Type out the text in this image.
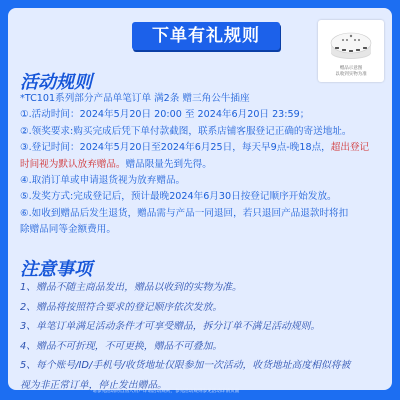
下单有礼规则
赠品示意图
以收到实物为准
活动规则
*TC101系列部分产品单笔订单 满2条 赠三角公牛插座
①.活动时间：2024年5月20日 20:00 至 2024年6月20日 23:59；
②.领奖要求:购买完成后凭下单付款截图，联系店铺客服登记正确的寄送地址。
③.登记时间：2024年5月20日至2024年6月25日，每天早9点-晚18点，超出登记
时间视为默认放弃赠品。赠品限量先到先得。
④.取消订单或申请退货视为放弃赠品。
⑤.发奖方式:完成登记后，预计最晚2024年6月30日按登记顺序开始发放。
⑥.如收到赠品后发生退货，赠品需与产品一同退回，若只退回产品退款时将扣
除赠品同等金额费用。
注意事项
1、赠品不随主商品发出，赠品以收到的实物为准。
2、赠品将按照符合要求的登记顺序依次发放。
3、单笔订单满足活动条件才可享受赠品，拆分订单不满足活动规则。
4、赠品不可折现，不可更换，赠品不可叠加。
5、每个账号/ID/手机号/收货地址仅限参加一次活动，收货地址高度相似将被
视为非正常订单，停止发出赠品。
*请参见活动的自然人用户详请活动规则，参见活动规则参见活动详情页面
